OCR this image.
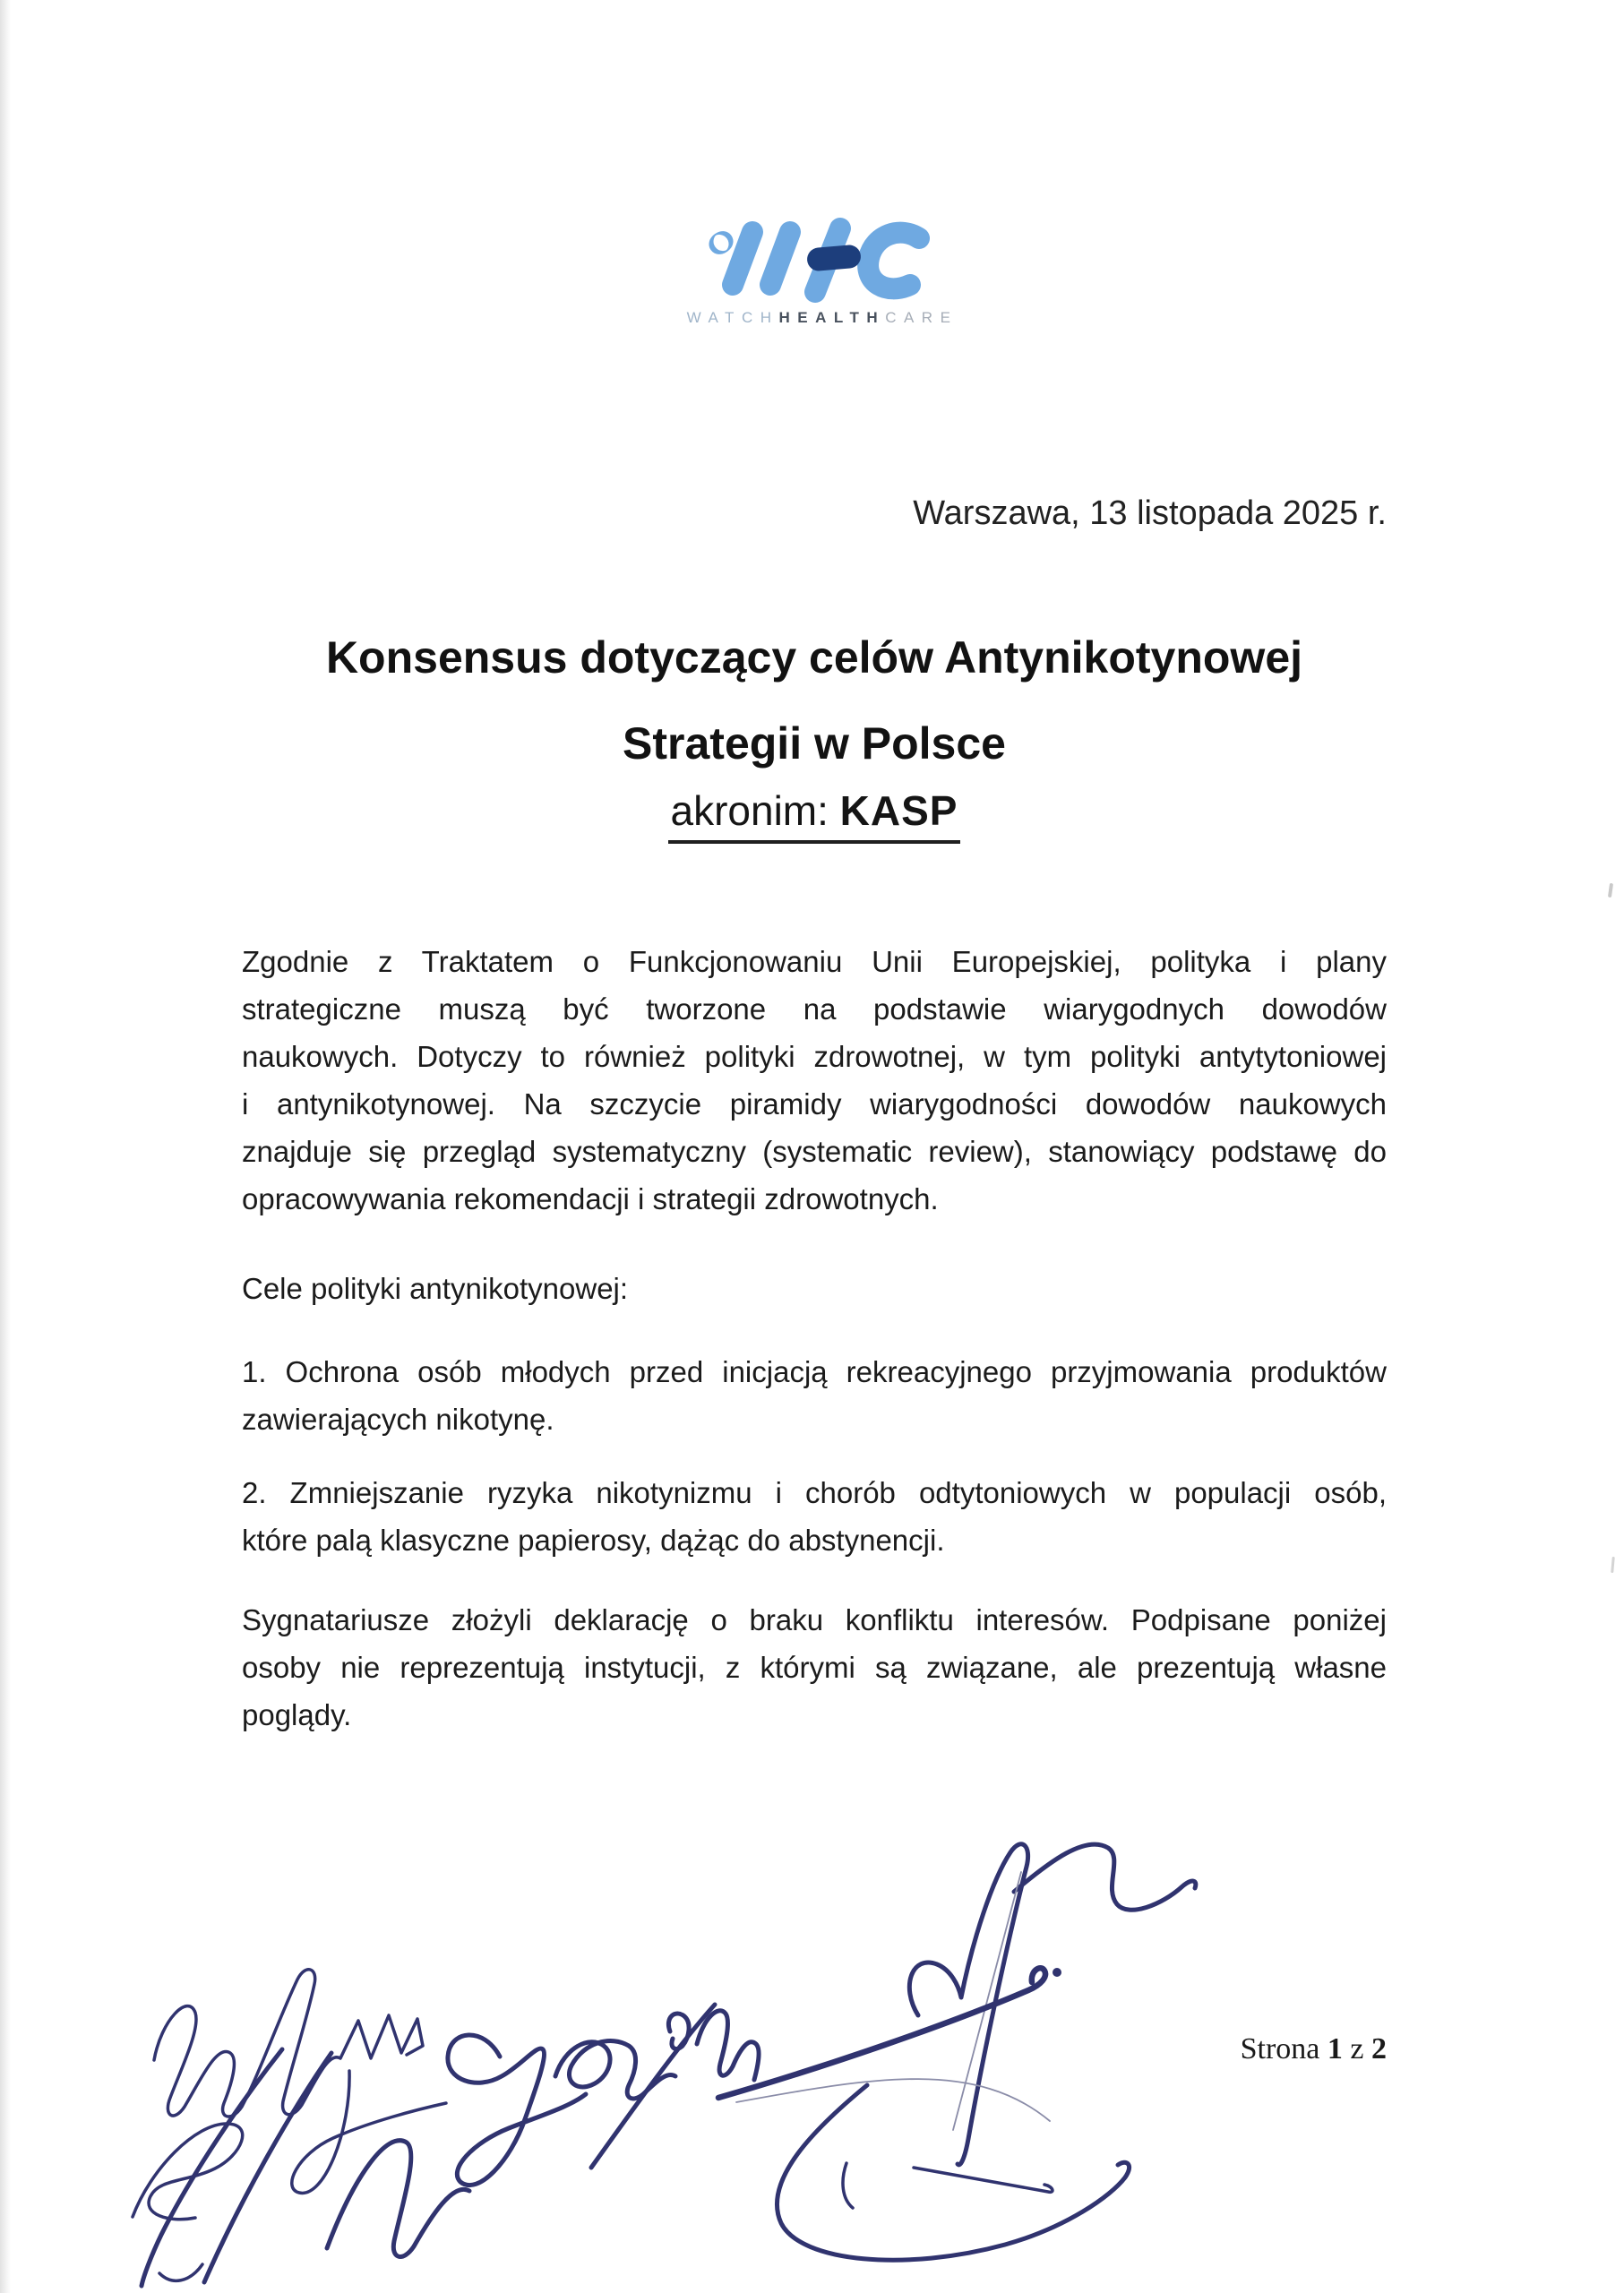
WATCHHEALTHCARE
Warszawa, 13 listopada 2025 r.
Konsensus dotyczący celów Antynikotynowej
Strategii w Polsce
akronim: KASP
Zgodnie z Traktatem o Funkcjonowaniu Unii Europejskiej, polityka i plany
strategiczne muszą być tworzone na podstawie wiarygodnych dowodów
naukowych. Dotyczy to również polityki zdrowotnej, w tym polityki antytytoniowej
i antynikotynowej. Na szczycie piramidy wiarygodności dowodów naukowych
znajduje się przegląd systematyczny (systematic review), stanowiący podstawę do
opracowywania rekomendacji i strategii zdrowotnych.
Cele polityki antynikotynowej:
1. Ochrona osób młodych przed inicjacją rekreacyjnego przyjmowania produktów
zawierających nikotynę.
2. Zmniejszanie ryzyka nikotynizmu i chorób odtytoniowych w populacji osób,
które palą klasyczne papierosy, dążąc do abstynencji.
Sygnatariusze złożyli deklarację o braku konfliktu interesów. Podpisane poniżej
osoby nie reprezentują instytucji, z którymi są związane, ale prezentują własne
poglądy.
Strona 1 z 2
